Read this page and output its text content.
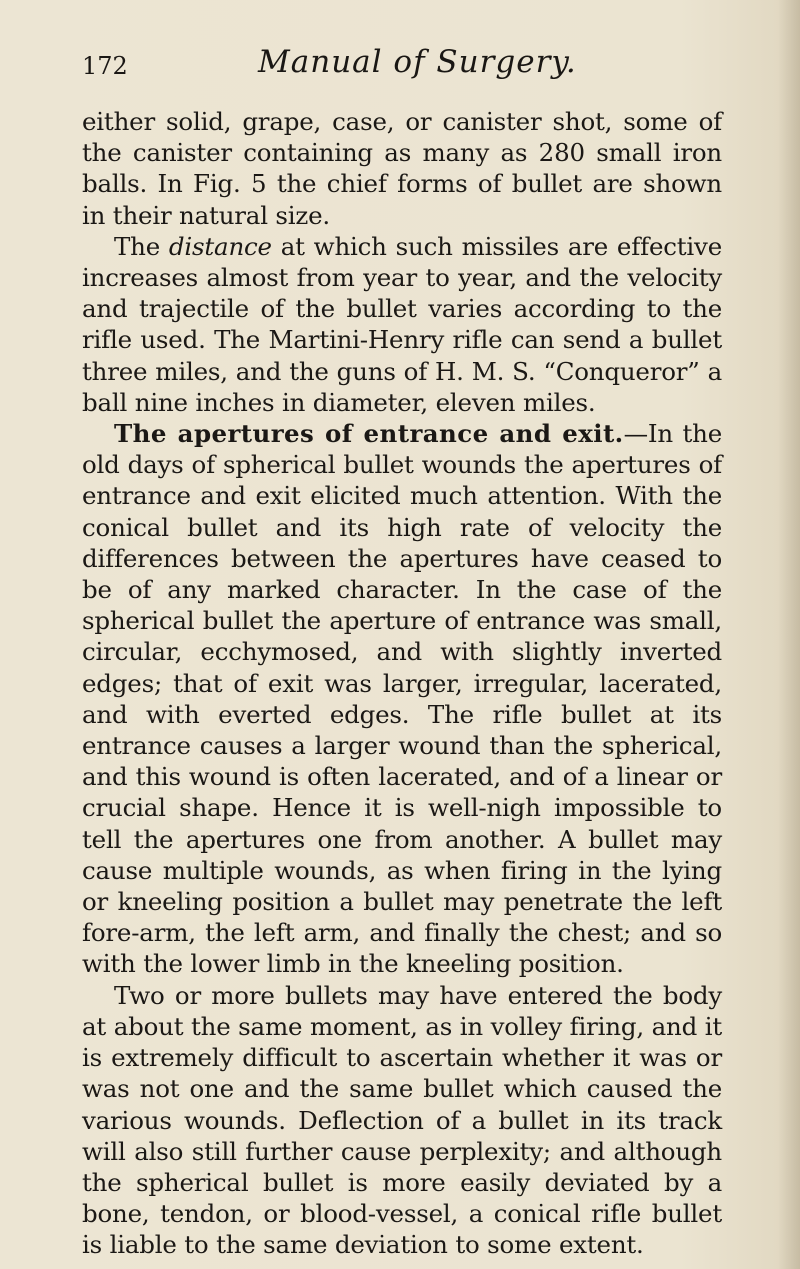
172	Manual of Surgery.

either solid, grape, case, or canister shot, some of the canister containing as many as 280 small iron balls. In Fig. 5 the chief forms of bullet are shown in their natural size.

The distance at which such missiles are effective increases almost from year to year, and the velocity and trajectile of the bullet varies according to the rifle used. The Martini-Henry rifle can send a bullet three miles, and the guns of H. M. S. “Conqueror” a ball nine inches in diameter, eleven miles.

The apertures of entrance and exit.—In the old days of spherical bullet wounds the apertures of entrance and exit elicited much attention. With the conical bullet and its high rate of velocity the differences between the apertures have ceased to be of any marked character. In the case of the spherical bullet the aperture of entrance was small, circular, ecchymosed, and with slightly inverted edges; that of exit was larger, irregular, lacerated, and with everted edges. The rifle bullet at its entrance causes a larger wound than the spherical, and this wound is often lacerated, and of a linear or crucial shape. Hence it is well-nigh impossible to tell the apertures one from another. A bullet may cause multiple wounds, as when firing in the lying or kneeling position a bullet may penetrate the left fore-arm, the left arm, and finally the chest; and so with the lower limb in the kneeling position.

Two or more bullets may have entered the body at about the same moment, as in volley firing, and it is extremely difficult to ascertain whether it was or was not one and the same bullet which caused the various wounds. Deflection of a bullet in its track will also still further cause perplexity; and although the spherical bullet is more easily deviated by a bone, tendon, or blood-vessel, a conical rifle bullet is liable to the same deviation to some extent.
